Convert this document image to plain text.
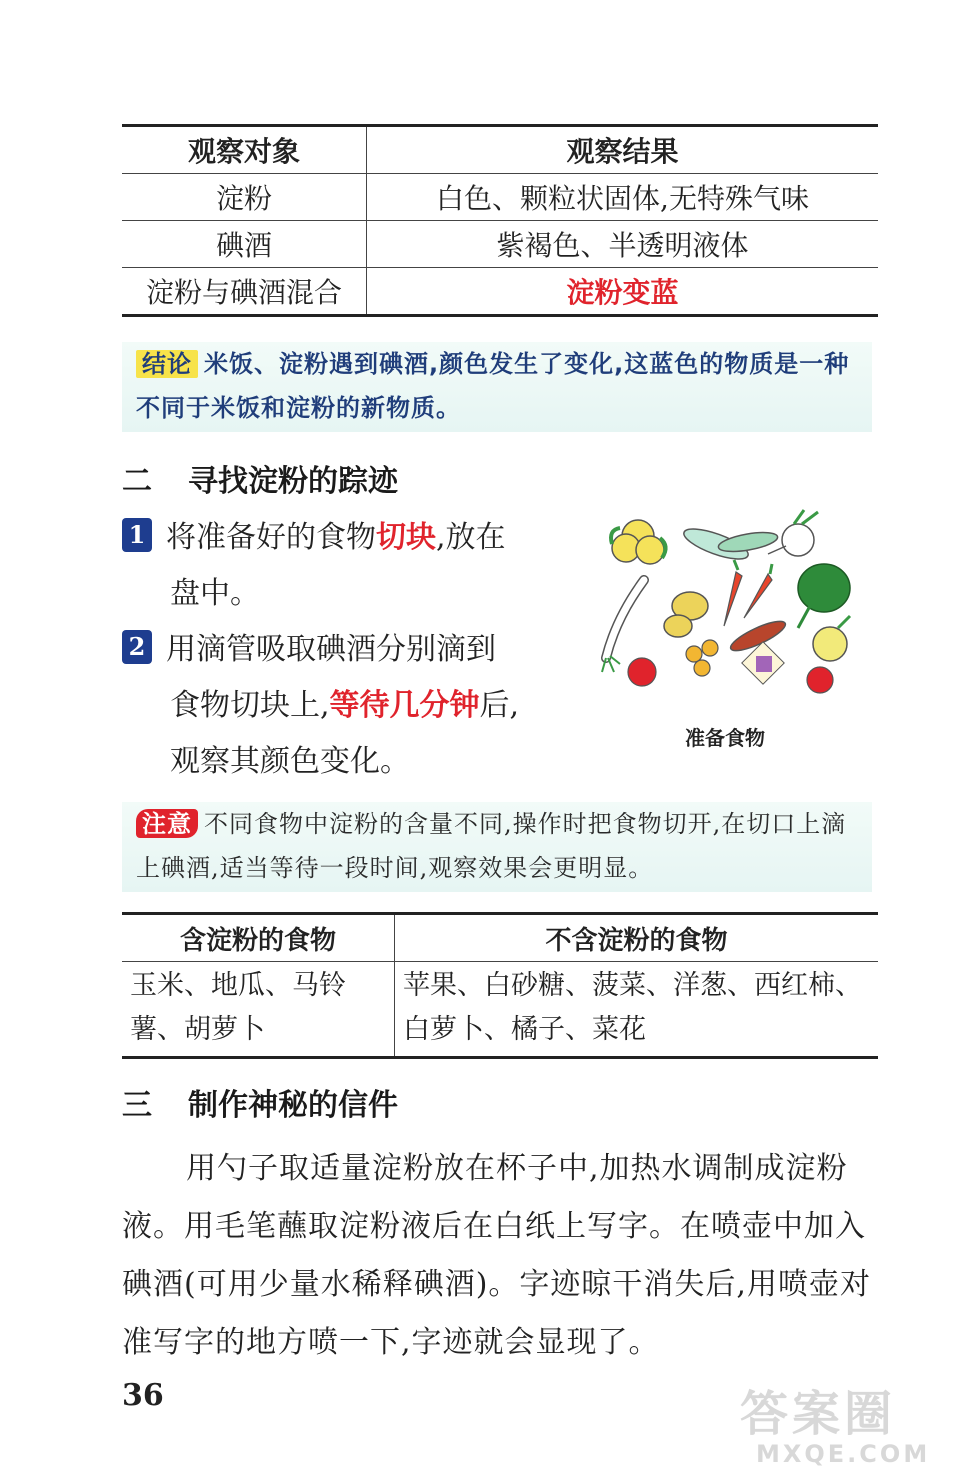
观察对象	观察结果
淀粉	白色、颗粒状固体,无特殊气味
碘酒	紫褐色、半透明液体
淀粉与碘酒混合	淀粉变蓝
结论 米饭、淀粉遇到碘酒,颜色发生了变化,这蓝色的物质是一种不同于米饭和淀粉的新物质。
二 寻找淀粉的踪迹
1 将准备好的食物切块,放在
盘中。
2 用滴管吸取碘酒分别滴到
食物切块上,等待几分钟后,
观察其颜色变化。
准备食物
注意 不同食物中淀粉的含量不同,操作时把食物切开,在切口上滴上碘酒,适当等待一段时间,观察效果会更明显。
含淀粉的食物	不含淀粉的食物
玉米、地瓜、马铃薯、胡萝卜	苹果、白砂糖、菠菜、洋葱、西红柿、白萝卜、橘子、菜花
三 制作神秘的信件
用勺子取适量淀粉放在杯子中,加热水调制成淀粉液。用毛笔蘸取淀粉液后在白纸上写字。在喷壶中加入碘酒(可用少量水稀释碘酒)。字迹晾干消失后,用喷壶对准写字的地方喷一下,字迹就会显现了。
36	答案圈
MXQE.COM
